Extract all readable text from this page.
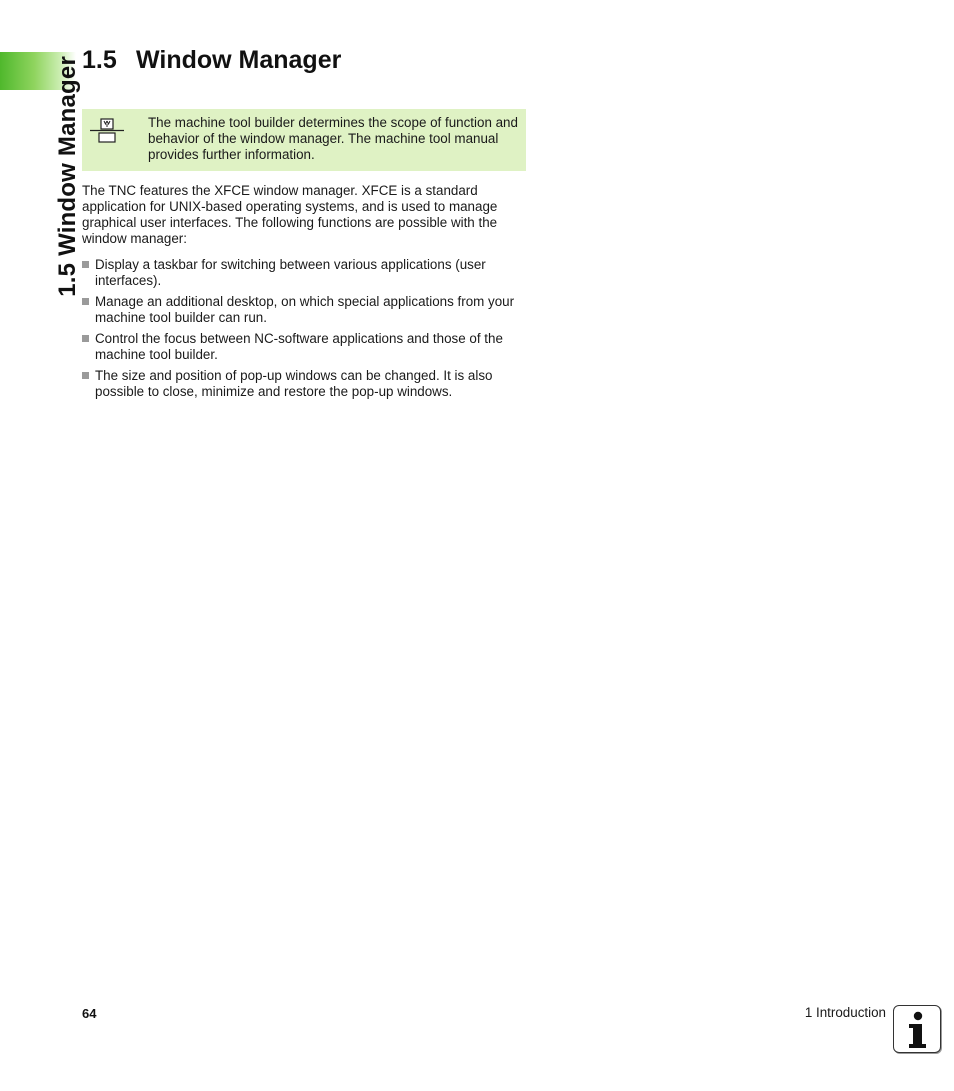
1.5 Window Manager 1.5 Window Manager
The machine tool builder determines the scope of function and behavior of the window manager. The machine tool manual provides further information.

The TNC features the XFCE window manager. XFCE is a standard application for UNIX-based operating systems, and is used to manage graphical user interfaces. The following functions are possible with the window manager:

Display a taskbar for switching between various applications (user interfaces).
Manage an additional desktop, on which special applications from your machine tool builder can run.
Control the focus between NC-software applications and those of the machine tool builder.
The size and position of pop-up windows can be changed. It is also possible to close, minimize and restore the pop-up windows.
64	1 Introduction
